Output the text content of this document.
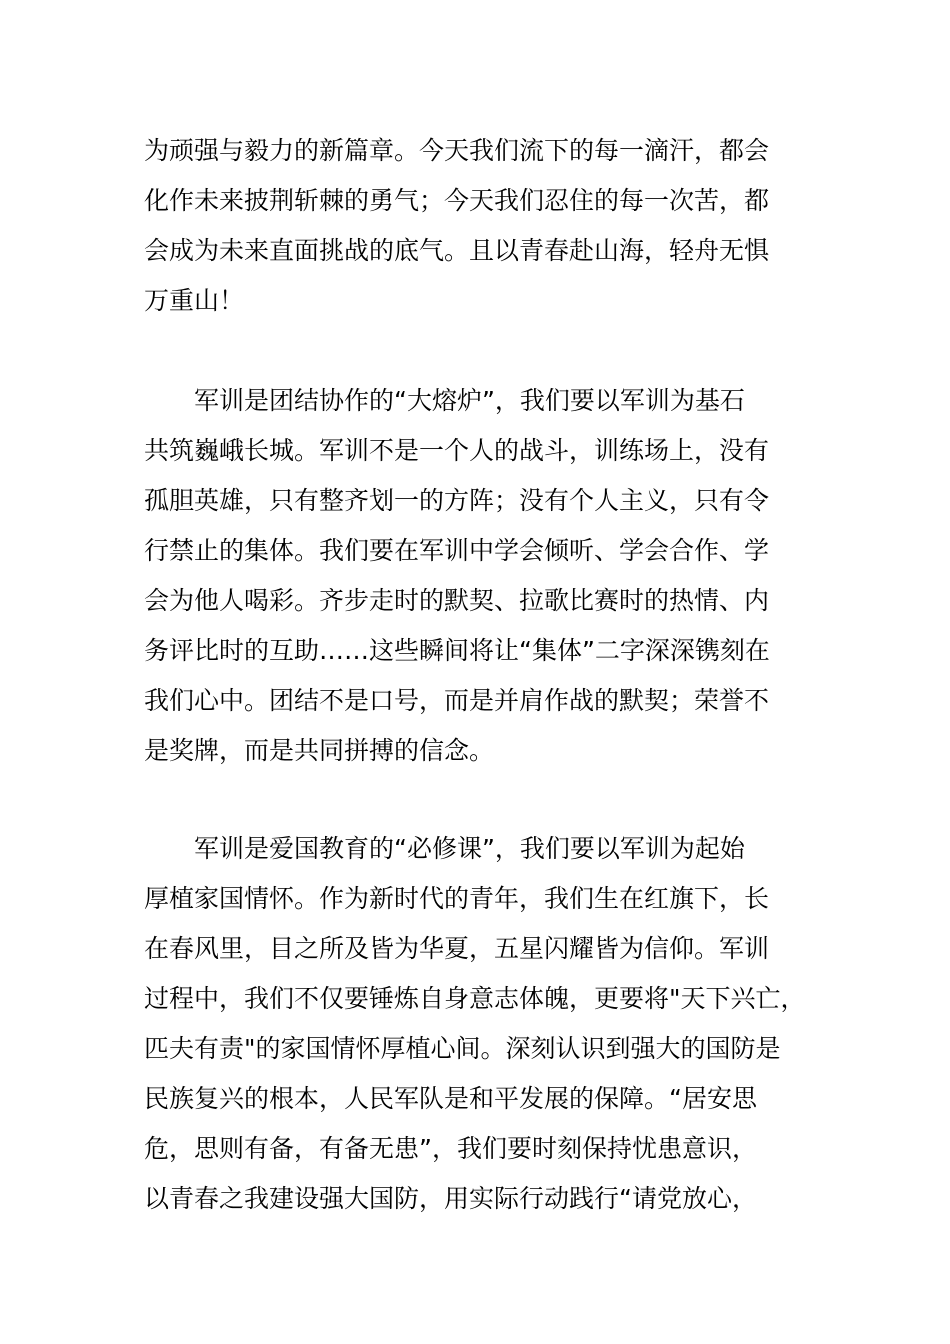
为顽强与毅力的新篇章。今天我们流下的每一滴汗，都会
化作未来披荆斩棘的勇气；今天我们忍住的每一次苦，都
会成为未来直面挑战的底气。且以青春赴山海，轻舟无惧
万重山！
　　军训是团结协作的“大熔炉”，我们要以军训为基石
共筑巍峨长城。军训不是一个人的战斗，训练场上，没有
孤胆英雄，只有整齐划一的方阵；没有个人主义，只有令
行禁止的集体。我们要在军训中学会倾听、学会合作、学
会为他人喝彩。齐步走时的默契、拉歌比赛时的热情、内
务评比时的互助……这些瞬间将让“集体”二字深深镌刻在
我们心中。团结不是口号，而是并肩作战的默契；荣誉不
是奖牌，而是共同拼搏的信念。
　　军训是爱国教育的“必修课”，我们要以军训为起始
厚植家国情怀。作为新时代的青年，我们生在红旗下，长
在春风里，目之所及皆为华夏，五星闪耀皆为信仰。军训
过程中，我们不仅要锤炼自身意志体魄，更要将"天下兴亡，
匹夫有责"的家国情怀厚植心间。深刻认识到强大的国防是
民族复兴的根本，人民军队是和平发展的保障。“居安思
危，思则有备，有备无患”，我们要时刻保持忧患意识，
以青春之我建设强大国防，用实际行动践行“请党放心，
